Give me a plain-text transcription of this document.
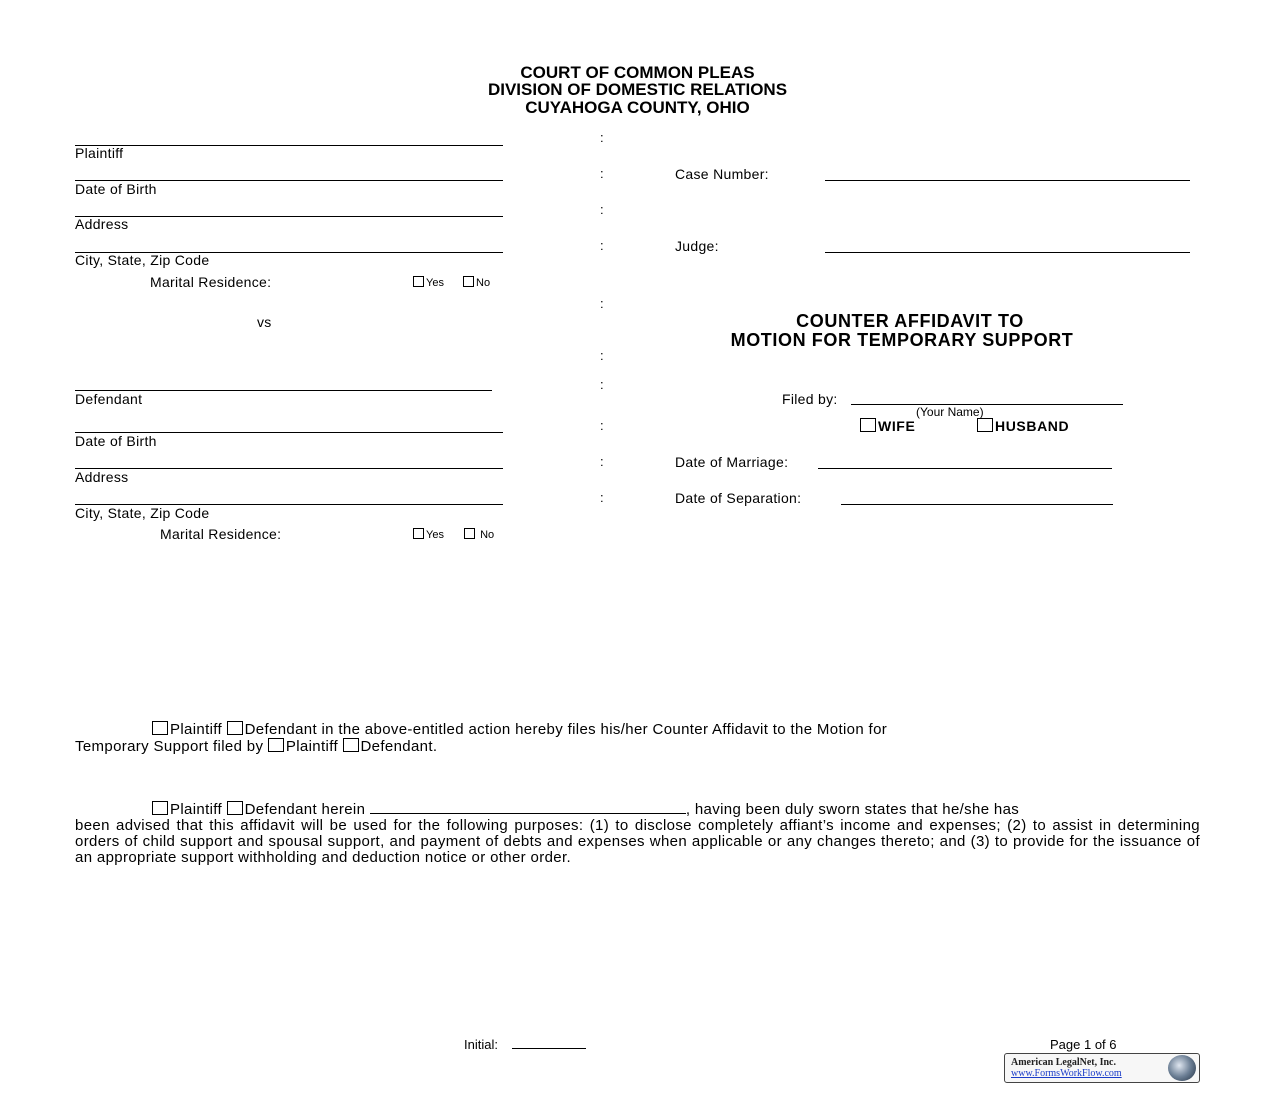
COURT OF COMMON PLEAS
DIVISION OF DOMESTIC RELATIONS
CUYAHOGA COUNTY, OHIO
Plaintiff
Date of Birth
Address
City, State, Zip Code
Marital Residence:	Yes	No
vs
Defendant
Date of Birth
Address
City, State, Zip Code
Marital Residence:	Yes	No
:
:
:
:
:
:
:
:
:
:
Case Number:
Judge:
COUNTER AFFIDAVIT TO
MOTION FOR TEMPORARY SUPPORT
Filed by:
(Your Name)
WIFE	HUSBAND
Date of Marriage:
Date of Separation:
Plaintiff Defendant in the above-entitled action hereby files his/her Counter Affidavit to the Motion for
Temporary Support filed by Plaintiff Defendant.
Plaintiff Defendant herein	, having been duly sworn states that he/she has
been advised that this affidavit will be used for the following purposes: (1) to disclose completely affiant’s income and expenses; (2) to assist in determining orders of child support and spousal support, and payment of debts and expenses when applicable or any changes thereto; and (3) to provide for the issuance of an appropriate support withholding and deduction notice or other order.
Initial:	Page 1 of 6
American LegalNet, Inc.
www.FormsWorkFlow.com
